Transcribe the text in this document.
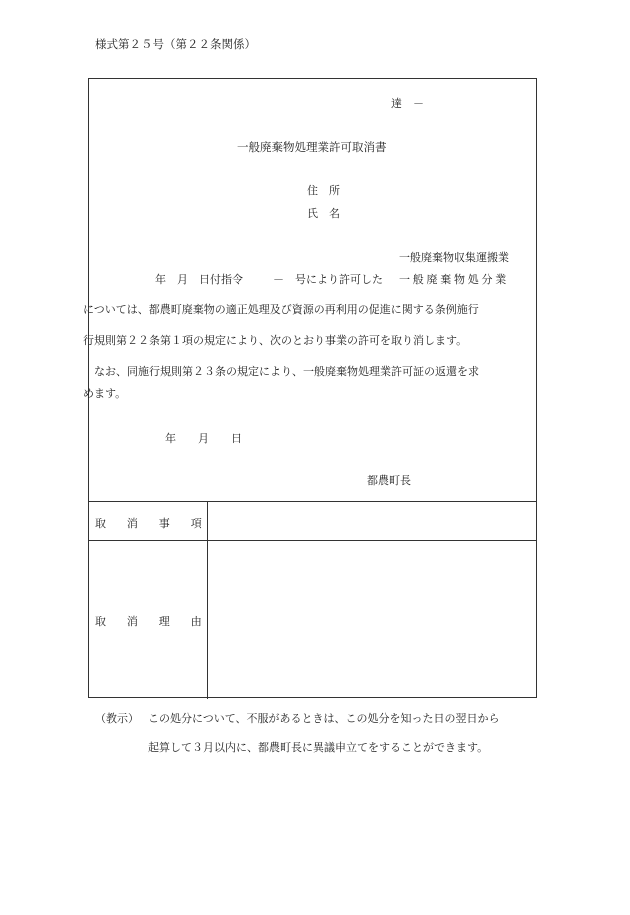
様式第２５号（第２２条関係）
達　－
一般廃棄物処理業許可取消書
住　所
氏　名
一般廃棄物収集運搬業
年　月　日付指令	－　号により許可した 一般廃棄物処分業
については、都農町廃棄物の適正処理及び資源の再利用の促進に関する条例施行
行規則第２２条第１項の規定により、次のとおり事業の許可を取り消します。
　なお、同施行規則第２３条の規定により、一般廃棄物処理業許可証の返還を求
めます。
年　　月　　日
都農町長
取消事項
取消理由
（教示） この処分について、不服があるときは、この処分を知った日の翌日から
起算して３月以内に、都農町長に異議申立てをすることができます。
